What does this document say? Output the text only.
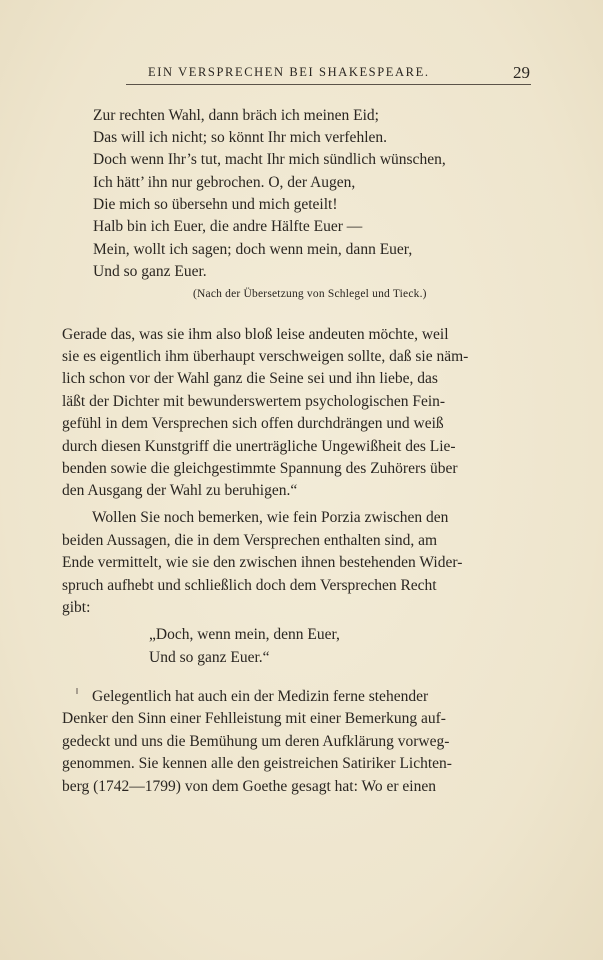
EIN VERSPRECHEN BEI SHAKESPEARE.	29
Zur rechten Wahl, dann bräch ich meinen Eid;
Das will ich nicht; so könnt Ihr mich verfehlen.
Doch wenn Ihr’s tut, macht Ihr mich sündlich wünschen,
Ich hätt’ ihn nur gebrochen. O, der Augen,
Die mich so übersehn und mich geteilt!
Halb bin ich Euer, die andre Hälfte Euer —
Mein, wollt ich sagen; doch wenn mein, dann Euer,
Und so ganz Euer.
(Nach der Übersetzung von Schlegel und Tieck.)
Gerade das, was sie ihm also bloß leise andeuten möchte, weil
sie es eigentlich ihm überhaupt verschweigen sollte, daß sie näm-
lich schon vor der Wahl ganz die Seine sei und ihn liebe, das
läßt der Dichter mit bewunderswertem psychologischen Fein-
gefühl in dem Versprechen sich offen durchdrängen und weiß
durch diesen Kunstgriff die unerträgliche Ungewißheit des Lie-
benden sowie die gleichgestimmte Spannung des Zuhörers über
den Ausgang der Wahl zu beruhigen.“
Wollen Sie noch bemerken, wie fein Porzia zwischen den
beiden Aussagen, die in dem Versprechen enthalten sind, am
Ende vermittelt, wie sie den zwischen ihnen bestehenden Wider-
spruch aufhebt und schließlich doch dem Versprechen Recht
gibt:
„Doch, wenn mein, denn Euer,
Und so ganz Euer.“
Gelegentlich hat auch ein der Medizin ferne stehender
Denker den Sinn einer Fehlleistung mit einer Bemerkung auf-
gedeckt und uns die Bemühung um deren Aufklärung vorweg-
genommen. Sie kennen alle den geistreichen Satiriker Lichten-
berg (1742—1799) von dem Goethe gesagt hat: Wo er einen
